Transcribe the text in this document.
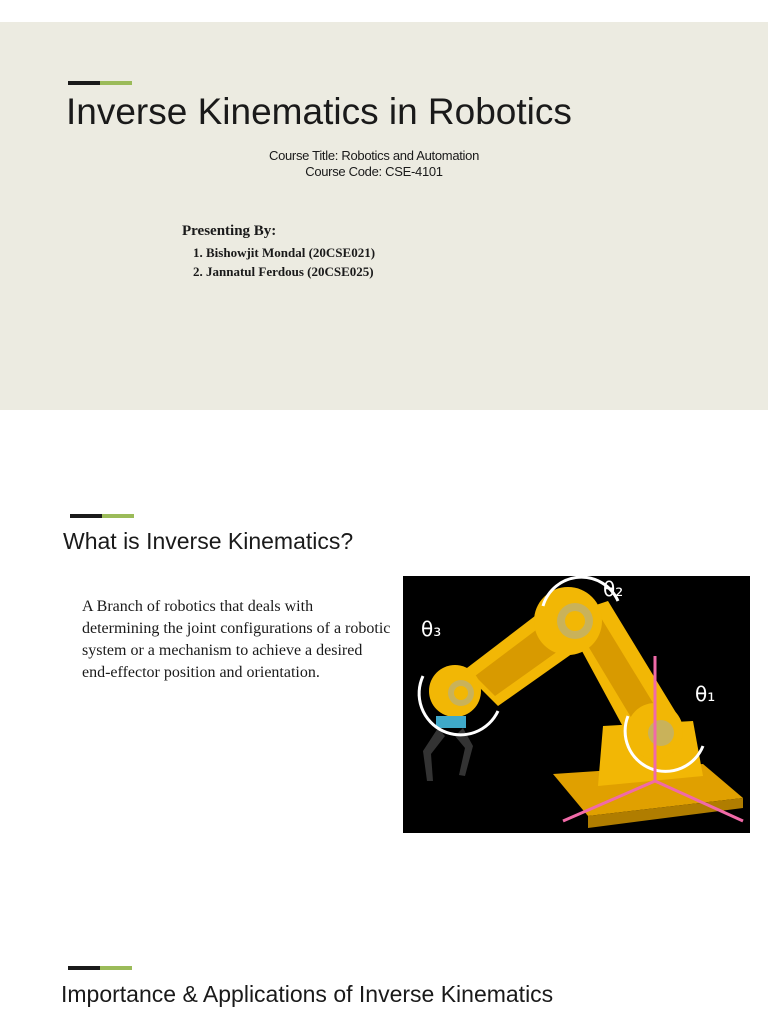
Inverse Kinematics in Robotics
Course Title: Robotics and Automation
Course Code: CSE-4101
Presenting By:
1. Bishowjit Mondal (20CSE021)
2. Jannatul Ferdous (20CSE025)
What is Inverse Kinematics?
A Branch of robotics that deals with determining the joint configurations of a robotic system or a mechanism to achieve a desired end-effector position and orientation.
θ₂
θ₃
θ₁
Importance & Applications of Inverse Kinematics
